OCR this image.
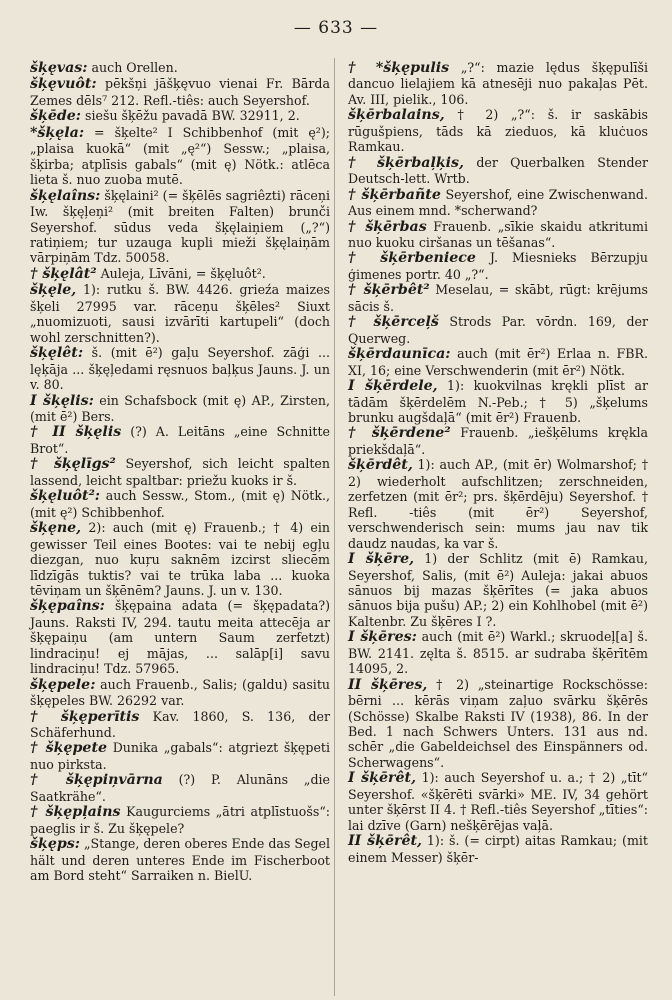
— 633 —

šķęvas: auch Orellen.

šķęvuôt: pēkšņi jāšķęvuo vienai Fr. Bārda Zemes dēls⁷ 212. Refl.-tiês: auch Seyershof.

šķēde: siešu šķēžu pavadā BW. 32911, 2.

*šķęla: = šķelte² I Schibbenhof (mit ę²); „plaisa kuokā“ (mit „ę²“) Sessw.; „plaisa, šķirba; atplīsis gabals“ (mit ę) Nötk.: atlēca lieta š. nuo zuoba mutē.

šķęlaîns: šķęlaini² (= šķēlēs sagriêzti) rāceņi Iw. šķęļeņi² (mit breiten Falten) brunči Seyershof. sūdus veda šķęlaiņiem („?“) ratiņiem; tur uzauga kupli mieži šķęlaiņām vārpiņām Tdz. 50058.

† šķęlât² Auleja, Līvāni, = šķęluôt².

šķęle, 1): rutku š. BW. 4426. grieźa maizes šķeli 27995 var. rāceņu šķēles² Siuxt „nuomizuoti, sausi izvārīti kartupeli“ (doch wohl zerschnitten?).

šķęlêt: š. (mit ē²) gaļu Seyershof. zāģi ... lęķāja ... šķęļedami ręsnuos baļķus Jauns. J. un v. 80.

I šķęlis: ein Schafsbock (mit ę) AP., Zirsten, (mit ē²) Bers.

† II šķęlis (?) A. Leitāns „eine Schnitte Brot“.

† šķęlīgs² Seyershof, sich leicht spalten lassend, leicht spaltbar: priežu kuoks ir š.

šķęluôt²: auch Sessw., Stom., (mit ę) Nötk., (mit ę²) Schibbenhof.

šķęne, 2): auch (mit ę) Frauenb.; † 4) ein gewisser Teil eines Bootes: vai te nebij egļu diezgan, nuo kuŗu saknēm izcirst sliecēm līdzīgās tuktis? vai te trūka laba ... kuoka tēviņam un šķēnēm? Jauns. J. un v. 130.

šķępaîns: šķępaina adata (= šķępadata?) Jauns. Raksti IV, 294. tautu meita attecēja ar šķępaiņu (am untern Saum zerfetzt) lindraciņu! ej mājas, ... salāp[i] savu lindraciņu! Tdz. 57965.

šķępele: auch Frauenb., Salis; (galdu) sasitu šķępeles BW. 26292 var.

† šķęperītis Kav. 1860, S. 136, der Schäferhund.

† šķępete Dunika „gabals“: atgriezt šķępeti nuo pirksta.

† šķępiņvārna (?) P. Alunāns „die Saatkrähe“.

† šķępļains Kaugurciems „ātri atplīstuošs“: paeglis ir š. Zu šķępele?

šķęps: „Stange, deren oberes Ende das Segel hält und deren unteres Ende im Fischerboot am Bord steht“ Sarraiken n. BielU.

† *šķępulis „?“: mazie lędus šķępulīši dancuo lielajiem kā atnesēji nuo pakaļas Pēt. Av. III, pielik., 106.

šķērbalains, † 2) „?“: š. ir saskābis rūgušpiens, tāds kā zieduos, kā kluċuos Ramkau.

† šķērbaļķis, der Querbalken Stender Deutsch-lett. Wrtb.

† šķērbañte Seyershof, eine Zwischenwand. Aus einem mnd. *scherwand?

† šķērbas Frauenb. „sīkie skaidu atkritumi nuo kuoku ciršanas un tēšanas“.

† šķērbeniece J. Miesnieks Bērzupju ģimenes portr. 40 „?“.

† šķērbêt² Meselau, = skābt, rūgt: krējums sācis š.

† šķērceļš Strods Par. vōrdn. 169, der Querweg.

šķērdaunīca: auch (mit ēr²) Erlaa n. FBR. XI, 16; eine Verschwenderin (mit ēr²) Nötk.

I šķērdele, 1): kuokvilnas krękli plīst ar tādām šķērdelēm N.-Peb.; † 5) „šķelums brunku augšdaļā“ (mit ēr²) Frauenb.

† šķērdene² Frauenb. „iešķēlums krękla priekšdaļā“.

šķērdêt, 1): auch AP., (mit ēr) Wolmarshof; † 2) wiederholt aufschlitzen; zerschneiden, zerfetzen (mit ēr²; prs. šķērdēju) Seyershof. † Refl. -tiês (mit ēr²) Seyershof, verschwenderisch sein: mums jau nav tik daudz naudas, ka var š.

I šķēre, 1) der Schlitz (mit ē) Ramkau, Seyershof, Salis, (mit ē²) Auleja: jakai abuos sānuos bij mazas šķērītes (= jaka abuos sānuos bija pušu) AP.; 2) ein Kohlhobel (mit ē²) Kaltenbr. Zu šķēres I ?.

I šķēres: auch (mit ē²) Warkl.; skruodeļ[a] š. BW. 2141. zęlta š. 8515. ar sudraba šķērītēm 14095, 2.

II šķēres, † 2) „steinartige Rockschösse: bērni ... kērās viņam zaļuo svārku šķērēs (Schösse) Skalbe Raksti IV (1938), 86. In der Bed. 1 nach Schwers Unters. 131 aus nd. schēr „die Gabeldeichsel des Einspänners od. Scherwagens“.

I šķērêt, 1): auch Seyershof u. a.; † 2) „tīt“ Seyershof. «šķērēti svārki» ME. IV, 34 gehört unter šķērst II 4. † Refl.-tiês Seyershof „tīties“: lai dzīve (Garn) nešķērējas vaļā.

II šķērêt, 1): š. (= cirpt) aitas Ramkau; (mit einem Messer) šķēr-
